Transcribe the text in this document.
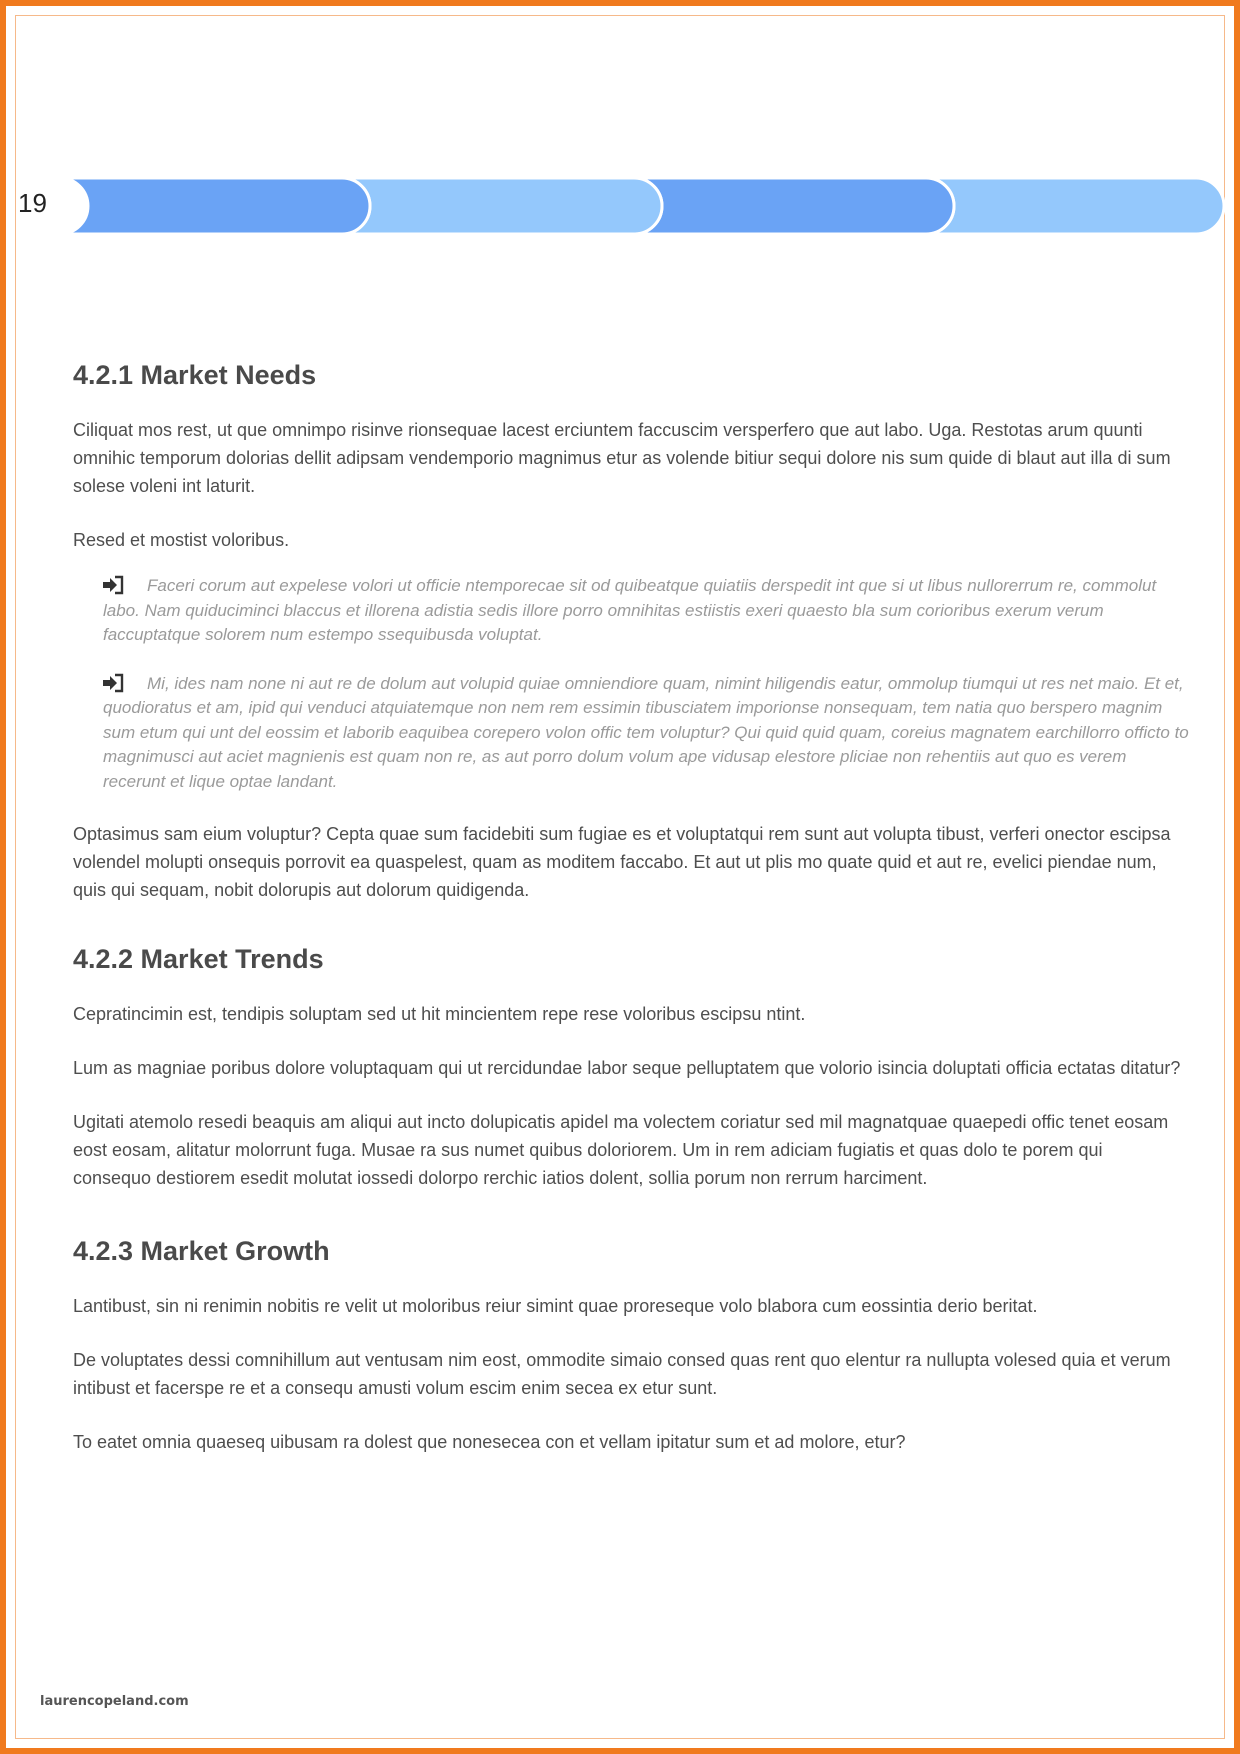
19
4.2.1 Market Needs

Ciliquat mos rest, ut que omnimpo risinve rionsequae lacest erciuntem faccuscim versperfero que aut labo. Uga. Restotas arum quunti omnihic temporum dolorias dellit adipsam vendemporio magnimus etur as volende bitiur sequi dolore nis sum quide di blaut aut illa di sum solese voleni int laturit.

Resed et mostist voloribus.

Faceri corum aut expelese volori ut officie ntemporecae sit od quibeatque quiatiis derspedit int que si ut libus nullorerrum re, commolut labo. Nam quiduciminci blaccus et illorena adistia sedis illore porro omnihitas estiistis exeri quaesto bla sum corioribus exerum verum faccuptatque solorem num estempo ssequibusda voluptat.
Mi, ides nam none ni aut re de dolum aut volupid quiae omniendiore quam, nimint hiligendis eatur, ommolup tiumqui ut res net maio. Et et, quodioratus et am, ipid qui venduci atquiatemque non nem rem essimin tibusciatem imporionse nonsequam, tem natia quo berspero magnim sum etum qui unt del eossim et laborib eaquibea corepero volon offic tem voluptur? Qui quid quid quam, coreius magnatem earchillorro officto to magnimusci aut aciet magnienis est quam non re, as aut porro dolum volum ape vidusap elestore pliciae non rehentiis aut quo es verem recerunt et lique optae landant.

Optasimus sam eium voluptur? Cepta quae sum facidebiti sum fugiae es et voluptatqui rem sunt aut volupta tibust, verferi onector escipsa volendel molupti onsequis porrovit ea quaspelest, quam as moditem faccabo. Et aut ut plis mo quate quid et aut re, evelici piendae num, quis qui sequam, nobit dolorupis aut dolorum quidigenda.

4.2.2 Market Trends

Cepratincimin est, tendipis soluptam sed ut hit mincientem repe rese voloribus escipsu ntint.

Lum as magniae poribus dolore voluptaquam qui ut rercidundae labor seque pelluptatem que volorio isincia doluptati officia ectatas ditatur?

Ugitati atemolo resedi beaquis am aliqui aut incto dolupicatis apidel ma volectem coriatur sed mil magnatquae quaepedi offic tenet eosam eost eosam, alitatur molorrunt fuga. Musae ra sus numet quibus doloriorem. Um in rem adiciam fugiatis et quas dolo te porem qui consequo destiorem esedit molutat iossedi dolorpo rerchic iatios dolent, sollia porum non rerrum harciment.

4.2.3 Market Growth

Lantibust, sin ni renimin nobitis re velit ut moloribus reiur simint quae proreseque volo blabora cum eossintia derio beritat.

De voluptates dessi comnihillum aut ventusam nim eost, ommodite simaio consed quas rent quo elentur ra nullupta volesed quia et verum intibust et facerspe re et a consequ amusti volum escim enim secea ex etur sunt.

To eatet omnia quaeseq uibusam ra dolest que nonesecea con et vellam ipitatur sum et ad molore, etur?

laurencopeland.com
